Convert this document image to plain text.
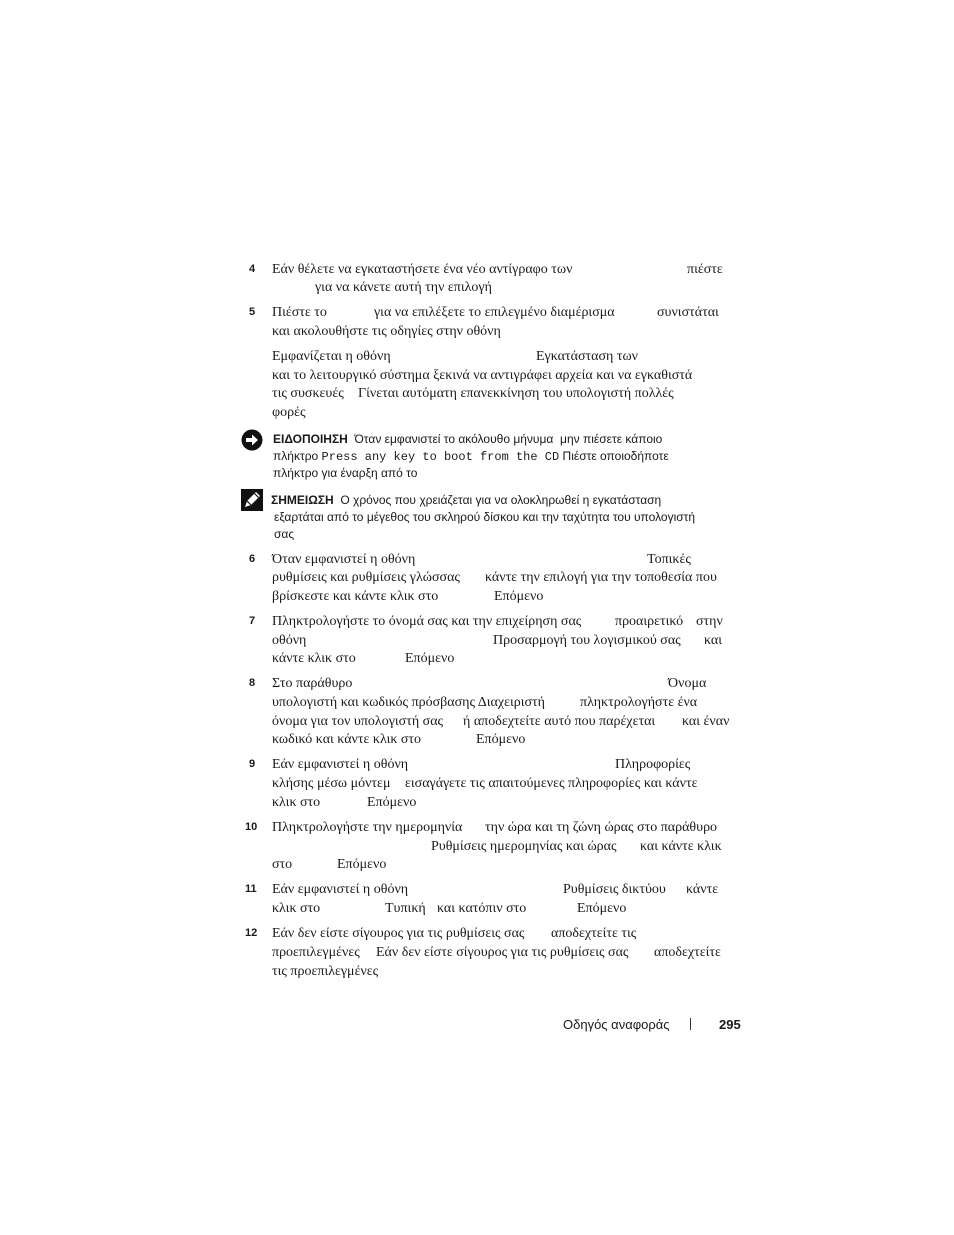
4 Εάν θέλετε να εγκαταστήσετε ένα νέο αντίγραφο των	πιέστε
για να κάνετε αυτή την επιλογή
5 Πιέστε το	για να επιλέξετε το επιλεγμένο διαμέρισμα	συνιστάται
και ακολουθήστε τις οδηγίες στην οθόνη
Εμφανίζεται η οθόνη	Εγκατάσταση των
και το λειτουργικό σύστημα ξεκινά να αντιγράφει αρχεία και να εγκαθιστά
τις συσκευές Γίνεται αυτόματη επανεκκίνηση του υπολογιστή πολλές
φορές
ΕΙΔΟΠΟΙΗΣΗ Όταν εμφανιστεί το ακόλουθο μήνυμα μην πιέσετε κάποιο
πλήκτρο Press any key to boot from the CD Πιέστε οποιοδήποτε
πλήκτρο για έναρξη από το
ΣΗΜΕΙΩΣΗ Ο χρόνος που χρειάζεται για να ολοκληρωθεί η εγκατάσταση
εξαρτάται από το μέγεθος του σκληρού δίσκου και την ταχύτητα του υπολογιστή
σας
6 Όταν εμφανιστεί η οθόνη	Τοπικές
ρυθμίσεις και ρυθμίσεις γλώσσας κάντε την επιλογή για την τοποθεσία που
βρίσκεστε και κάντε κλικ στο	Επόμενο
7 Πληκτρολογήστε το όνομά σας και την επιχείρηση σας προαιρετικό στην
οθόνη	Προσαρμογή του λογισμικού σας και
κάντε κλικ στο	Επόμενο
8 Στο παράθυρο	Όνομα
υπολογιστή και κωδικός πρόσβασης Διαχειριστή	πληκτρολογήστε ένα
όνομα για τον υπολογιστή σας ή αποδεχτείτε αυτό που παρέχεται και έναν
κωδικό και κάντε κλικ στο	Επόμενο
9 Εάν εμφανιστεί η οθόνη	Πληροφορίες
κλήσης μέσω μόντεμ εισαγάγετε τις απαιτούμενες πληροφορίες και κάντε
κλικ στο	Επόμενο
10 Πληκτρολογήστε την ημερομηνία την ώρα και τη ζώνη ώρας στο παράθυρο
Ρυθμίσεις ημερομηνίας και ώρας και κάντε κλικ
στο	Επόμενο
11 Εάν εμφανιστεί η οθόνη	Ρυθμίσεις δικτύου κάντε
κλικ στο	Τυπική και κατόπιν στο	Επόμενο
12 Εάν δεν είστε σίγουρος για τις ρυθμίσεις σας αποδεχτείτε τις
προεπιλεγμένες Εάν δεν είστε σίγουρος για τις ρυθμίσεις σας αποδεχτείτε
τις προεπιλεγμένες
Οδηγός αναφοράς	295
